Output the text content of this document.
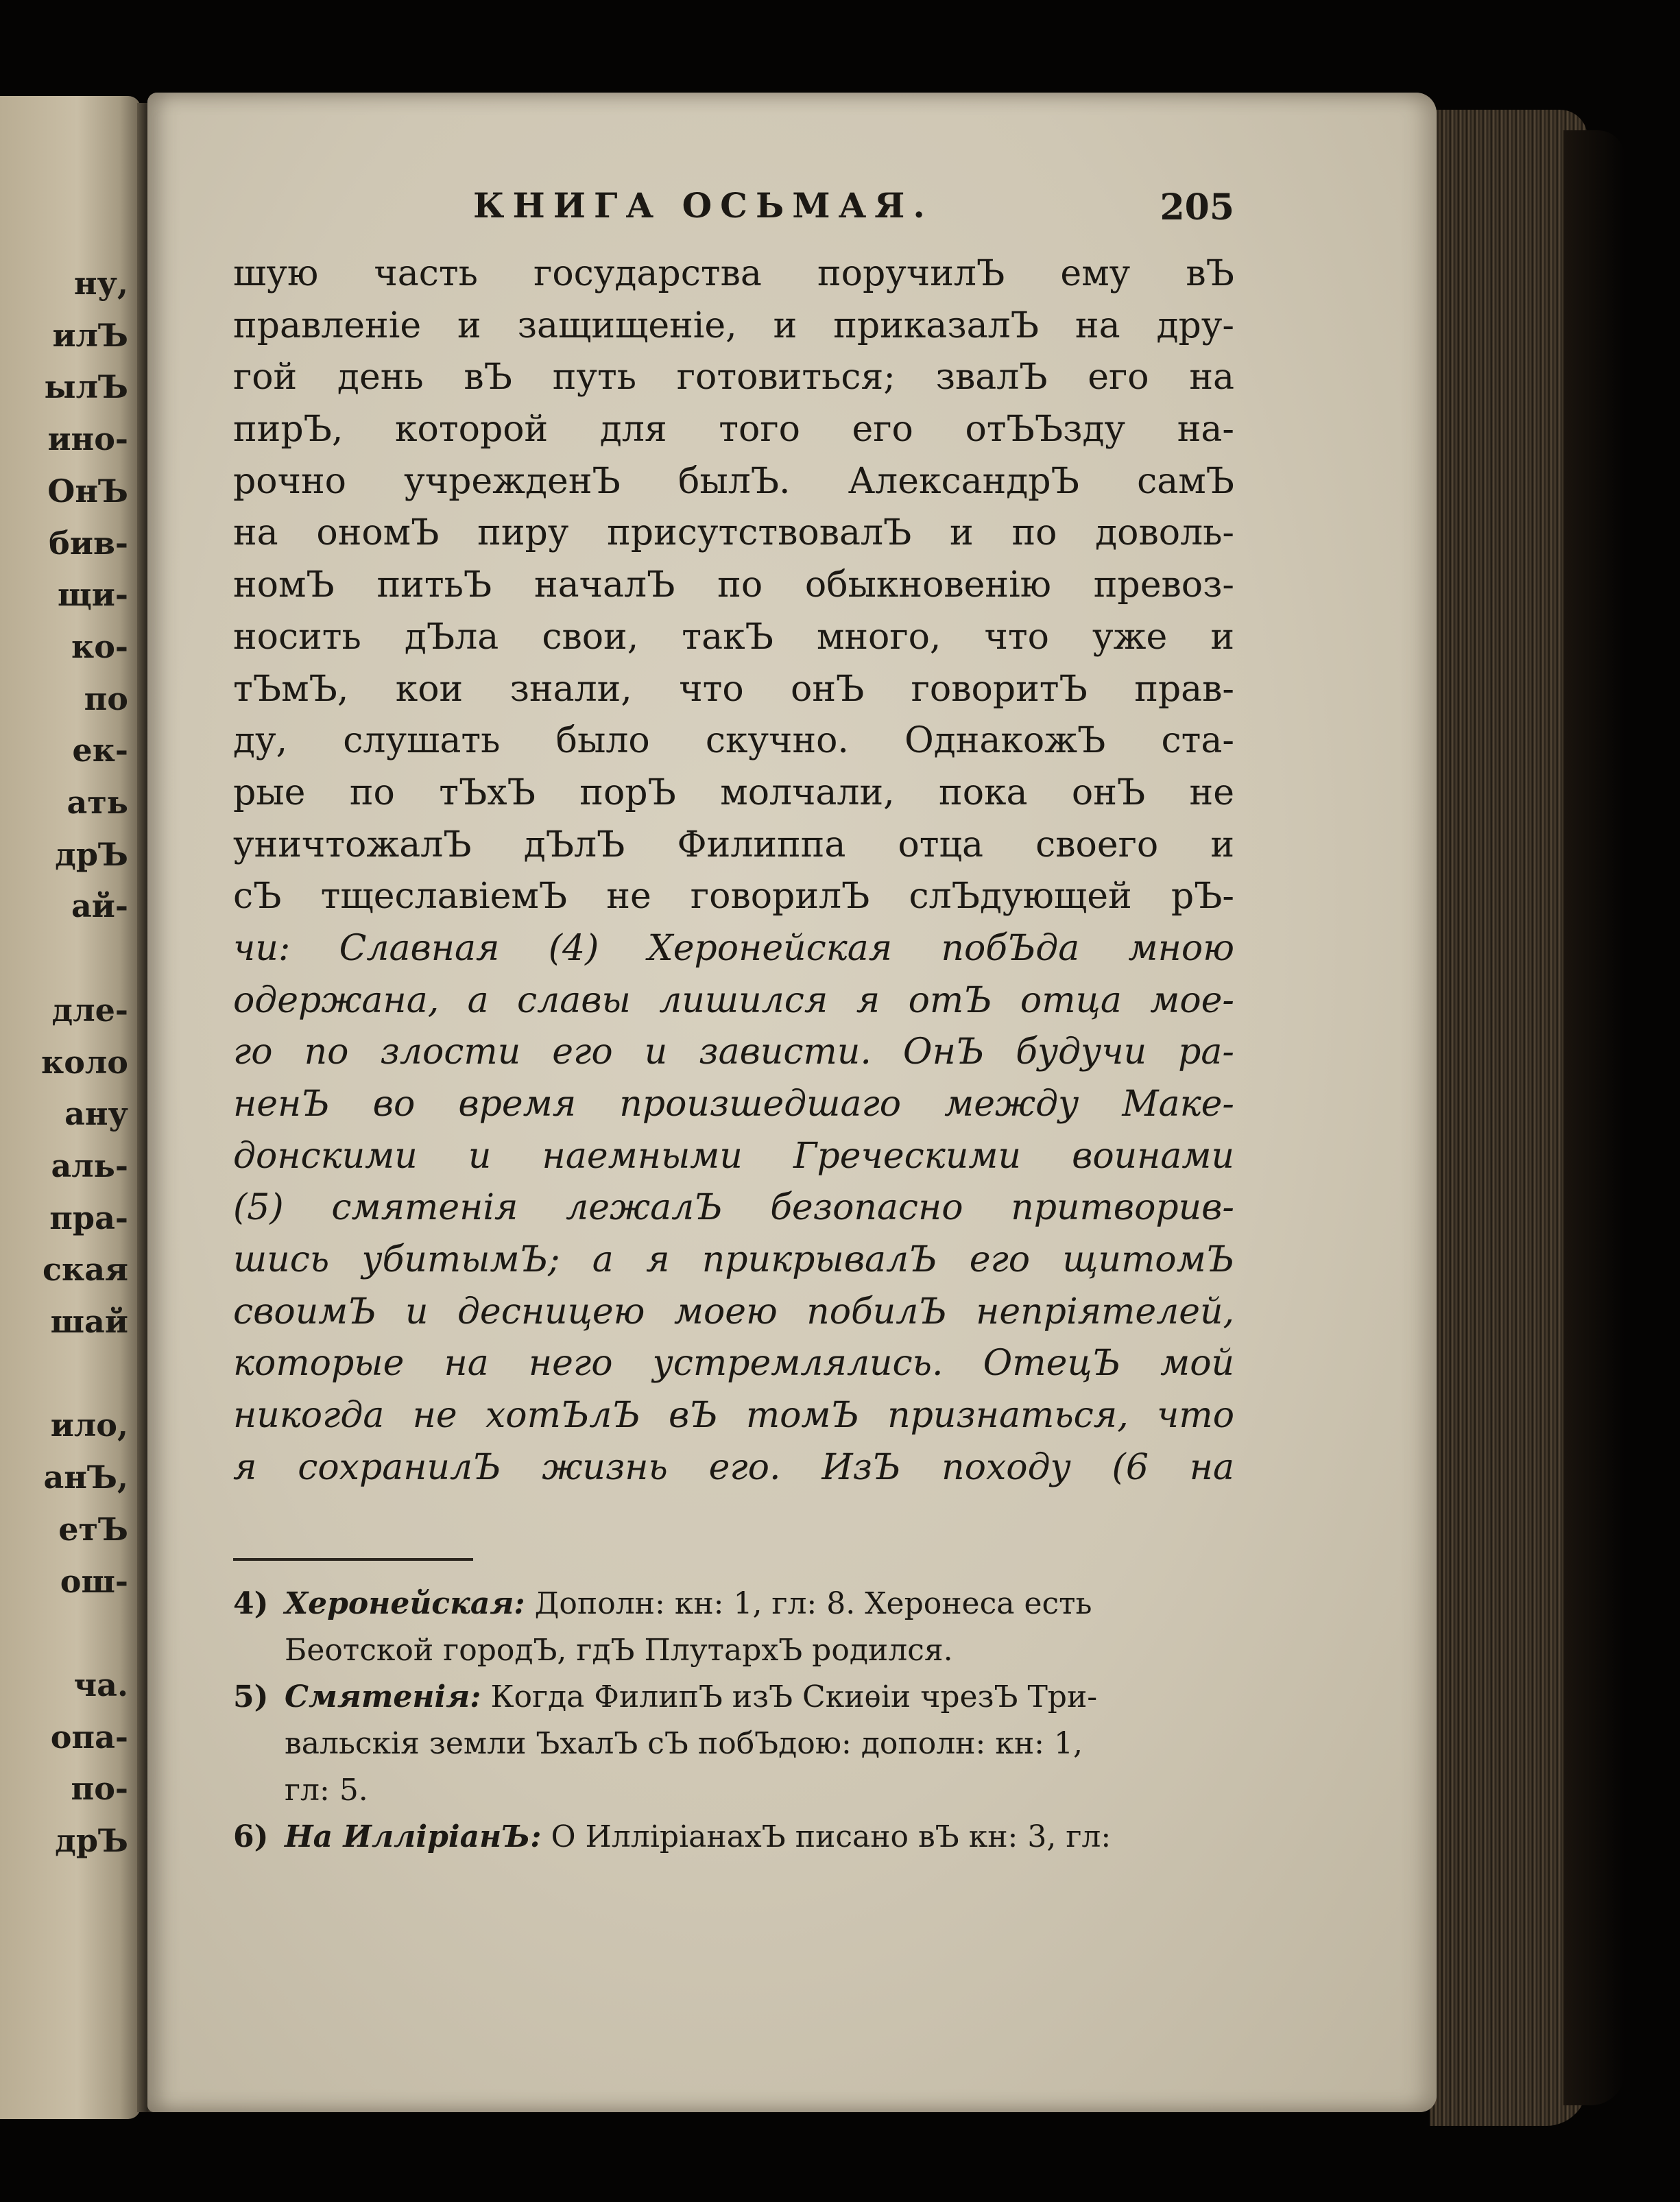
ну,
илЪ
ылЪ
ино-
ОнЪ
бив-
щи-
ко-
по
ек-
ать
дрЪ
ай-
дле-
коло
ану
аль-
пра-
ская
шай
ило,
анЪ,
етЪ
ош-
ча.
опа-
по-
дрЪ
КНИГА ОСЬМАЯ.	205
шую часть государства поручилЪ ему вЪ
правленіе и защищеніе, и приказалЪ на дру-
гой день вЪ путь готовиться; звалЪ его на
пирЪ, которой для того его отЪЪзду на-
рочно учрежденЪ былЪ. АлександрЪ самЪ
на ономЪ пиру присутствовалЪ и по доволь-
номЪ питьЪ началЪ по обыкновенію превоз-
носить дЪла свои, такЪ много, что уже и
тЪмЪ, кои знали, что онЪ говоритЪ прав-
ду, слушать было скучно. ОднакожЪ ста-
рые по тЪхЪ порЪ молчали, пока онЪ не
уничтожалЪ дЪлЪ Филиппа отца своего и
сЪ тщеславіемЪ не говорилЪ слЪдующей рЪ-
чи: Славная (4) Херонейская побЪда мною
одержана, а славы лишился я отЪ отца мое-
го по злости его и зависти. ОнЪ будучи ра-
ненЪ во время произшедшаго между Маке-
донскими и наемными Греческими воинами
(5) смятенія лежалЪ безопасно притворив-
шись убитымЪ; а я прикрывалЪ его щитомЪ
своимЪ и десницею моею побилЪ непріятелей,
которые на него устремлялись. ОтецЪ мой
никогда не хотЪлЪ вЪ томЪ признаться, что
я сохранилЪ жизнь его. ИзЪ походу (6 на
4) Херонейская: Дополн: кн: 1, гл: 8. Херонеса есть
Беотской городЪ, гдЪ ПлутархЪ родился.
5) Смятенія: Когда ФилипЪ изЪ Скиѳіи чрезЪ Три-
вальскія земли ЪхалЪ сЪ побЪдою: дополн: кн: 1,
гл: 5.
6) На ИлліріанЪ: О ИлліріанахЪ писано вЪ кн: 3, гл:
